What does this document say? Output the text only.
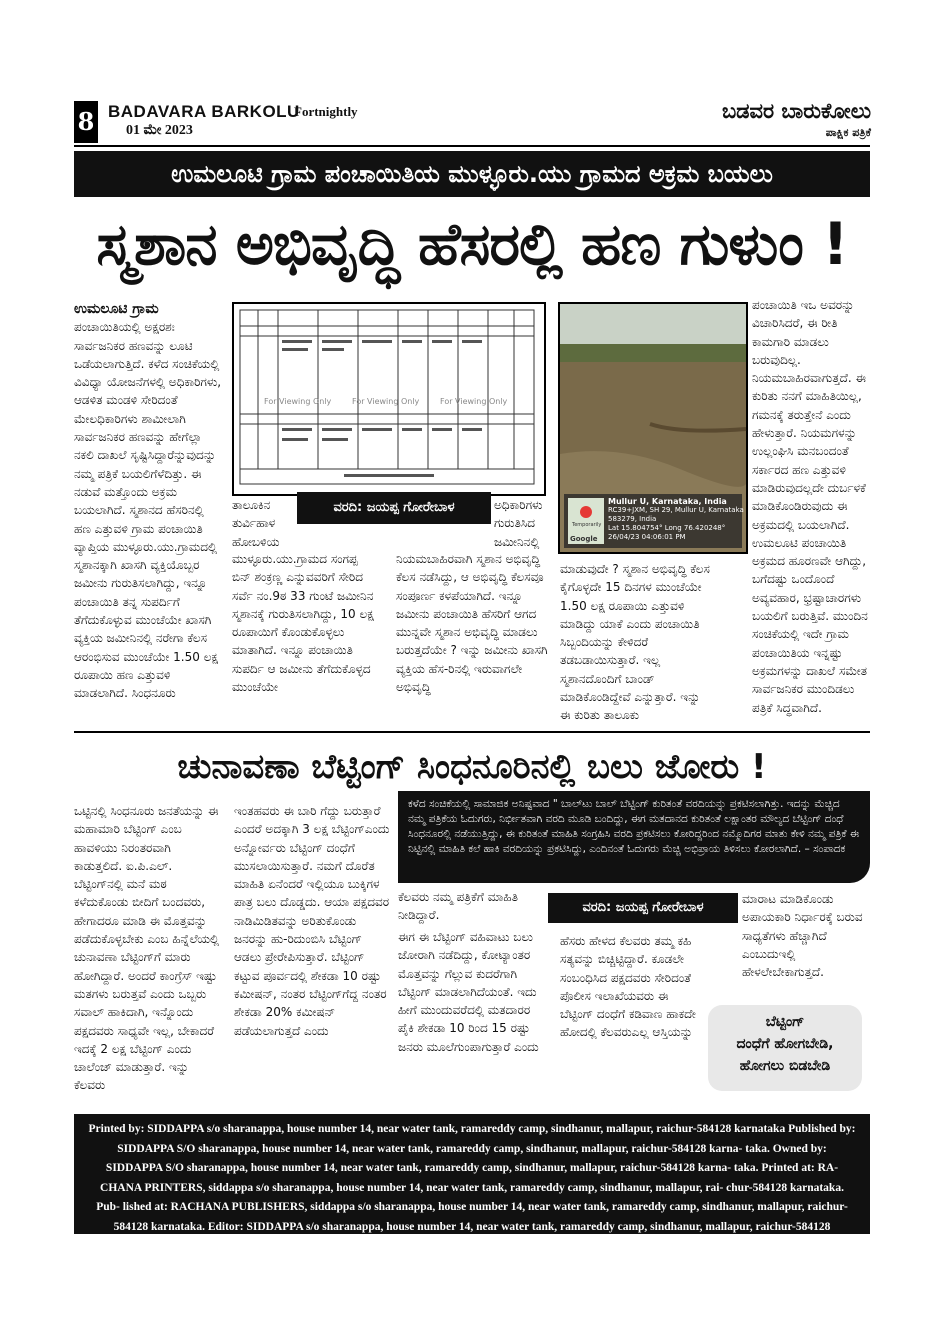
8 BADAVARA BARKOLU
Fortnightly
01 ಮೇ 2023
ಬಡವರ ಬಾರುಕೋಲು
ಪಾಕ್ಷಿಕ ಪತ್ರಿಕೆ
ಉಮಲೂಟಿ ಗ್ರಾಮ ಪಂಚಾಯಿತಿಯ ಮುಳ್ಳೂರು.ಯು ಗ್ರಾಮದ ಅಕ್ರಮ ಬಯಲು
ಸ್ಮಶಾನ ಅಭಿವೃದ್ಧಿ ಹೆಸರಲ್ಲಿ ಹಣ ಗುಳುಂ !
ಉಮಲೂಟಿ ಗ್ರಾಮ
ಪಂಚಾಯಿತಿಯಲ್ಲಿ ಅಕ್ಷರಶಃ ಸಾರ್ವಜನಿಕರ ಹಣವನ್ನು ಲೂಟಿ ಒಡೆಯಲಾಗುತ್ತಿದೆ. ಕಳೆದ ಸಂಚಿಕೆಯಲ್ಲಿ ವಿವಿಧ್ಯಾ ಯೋಜನೆಗಳಲ್ಲಿ ಅಧಿಕಾರಿಗಳು, ಆಡಳಿತ ಮಂಡಳಿ ಸೇರಿದಂತೆ ಮೇಲಧಿಕಾರಿಗಳು ಶಾಮೀಲಾಗಿ ಸಾರ್ವಜನಿಕರ ಹಣವನ್ನು ಹೇಗೆಲ್ಲಾ ನಕಲಿ ದಾಖಲೆ ಸೃಷ್ಟಿಸಿದ್ದಾರೆನ್ನುವುದನ್ನು ನಮ್ಮ ಪತ್ರಿಕೆ ಬಯಲಿಗೆಳೆದಿತ್ತು. ಈ ನಡುವೆ ಮತ್ತೊಂದು ಅಕ್ರಮ ಬಯಲಾಗಿದೆ. ಸ್ಮಶಾನದ ಹೆಸರಿನಲ್ಲಿ ಹಣ ಎತ್ತುವಳಿ ಗ್ರಾಮ ಪಂಚಾಯಿತಿ ವ್ಯಾಪ್ತಿಯ ಮುಳ್ಳೂರು.ಯು.ಗ್ರಾಮದಲ್ಲಿ ಸ್ಮಶಾನಕ್ಕಾಗಿ ಖಾಸಗಿ ವ್ಯಕ್ತಿಯೊಬ್ಬರ ಜಮೀನು ಗುರುತಿಸಲಾಗಿದ್ದು, ಇನ್ನೂ ಪಂಚಾಯಿತಿ ತನ್ನ ಸುಪರ್ದಿಗೆ ತೆಗೆದುಕೊಳ್ಳುವ ಮುಂಚೆಯೇ ಖಾಸಗಿ ವ್ಯಕ್ತಿಯ ಜಮೀನಿನಲ್ಲಿ ನರೇಗಾ ಕೆಲಸ ಆರಂಭಿಸುವ ಮುಂಚೆಯೇ 1.50 ಲಕ್ಷ ರೂಪಾಯಿ ಹಣ ಎತ್ತುವಳಿ ಮಾಡಲಾಗಿದೆ. ಸಿಂಧನೂರು
For Viewing Only	For Viewing Only	For Viewing Only
Mullur U, Karnataka, India
RC39+JXM, SH 29, Mullur U, Karnataka 583279, India
Lat 15.804754° Long 76.420248°
26/04/23 04:06:01 PM
Google
Temporarily
ತಾಲೂಕಿನ ತುರ್ವಿಹಾಳ ಹೋಬಳಿಯ
ವರದಿ: ಜಯಪ್ಪ ಗೋರೇಬಾಳ	ಅಧಿಕಾರಿಗಳು ಗುರುತಿಸಿದ ಜಮೀನಿನಲ್ಲಿ
ಮುಳ್ಳೂರು.ಯು.ಗ್ರಾಮದ ಸಂಗಪ್ಪ ಬಿನ್ ಶಂಕ್ರಣ್ಣ ಎನ್ನುವವರಿಗೆ ಸೇರಿದ ಸರ್ವೆ ನಂ.9ಠ 33 ಗುಂಟೆ ಜಮೀನಿನ ಸ್ಮಶಾನಕ್ಕೆ ಗುರುತಿಸಲಾಗಿದ್ದು, 10 ಲಕ್ಷ ರೂಪಾಯಿಗೆ ಕೊಂಡುಕೊಳ್ಳಲು ಮಾತಾಗಿದೆ. ಇನ್ನೂ ಪಂಚಾಯಿತಿ ಸುಪರ್ದಿ ಆ ಜಮೀನು ತೆಗೆದುಕೊಳ್ಳದ ಮುಂಚೆಯೇ
ನಿಯಮಬಾಹಿರವಾಗಿ ಸ್ಮಶಾನ ಅಭಿವೃದ್ಧಿ ಕೆಲಸ ನಡೆಸಿದ್ದು, ಆ ಅಭಿವೃದ್ಧಿ ಕೆಲಸವೂ ಸಂಪೂರ್ಣ ಕಳಪೆಯಾಗಿದೆ. ಇನ್ನೂ ಜಮೀನು ಪಂಚಾಯಿತಿ ಹೆಸರಿಗೆ ಆಗದ ಮುನ್ನವೇ ಸ್ಮಶಾನ ಅಭಿವೃದ್ಧಿ ಮಾಡಲು ಬರುತ್ತದೆಯೇ ? ಇನ್ನು ಜಮೀನು ಖಾಸಗಿ ವ್ಯಕ್ತಿಯ ಹೆಸ-ರಿನಲ್ಲಿ ಇರುವಾಗಲೇ ಅಭಿವೃದ್ಧಿ
ಮಾಡುವುದೇ ? ಸ್ಮಶಾನ ಅಭಿವೃದ್ಧಿ ಕೆಲಸ ಕೈಗೊಳ್ಳದೇ 15 ದಿನಗಳ ಮುಂಚೆಯೇ 1.50 ಲಕ್ಷ ರೂಪಾಯಿ ಎತ್ತುವಳಿ ಮಾಡಿದ್ದು ಯಾಕೆ ಎಂದು ಪಂಚಾಯಿತಿ ಸಿಬ್ಬಂದಿಯನ್ನು ಕೇಳಿದರೆ ತಡಬಡಾಯಿಸುತ್ತಾರೆ. ಇಲ್ಲ ಸ್ಮಶಾನದೊಂದಿಗೆ ಬಾಂಡ್ ಮಾಡಿಕೊಂಡಿದ್ದೇವೆ ಎನ್ನುತ್ತಾರೆ. ಇನ್ನು ಈ ಕುರಿತು ತಾಲೂಕು
ಪಂಚಾಯಿತಿ ಇಒ ಅವರನ್ನು ವಿಚಾರಿಸಿದರೆ, ಈ ರೀತಿ ಕಾಮಗಾರಿ ಮಾಡಲು ಬರುವುದಿಲ್ಲ. ನಿಯಮಬಾಹಿರವಾಗುತ್ತದೆ. ಈ ಕುರಿತು ನನಗೆ ಮಾಹಿತಿಯಿಲ್ಲ, ಗಮನಕ್ಕೆ ತರುತ್ತೇನೆ ಎಂದು ಹೇಳುತ್ತಾರೆ. ನಿಯಮಗಳನ್ನು ಉಲ್ಲಂಘಿಸಿ ಮನಬಂದಂತೆ ಸರ್ಕಾರದ ಹಣ ಎತ್ತುವಳಿ ಮಾಡಿರುವುದಲ್ಲದೇ ದುರ್ಬಳಕೆ ಮಾಡಿಕೊಂಡಿರುವುದು ಈ ಅಕ್ರಮದಲ್ಲಿ ಬಯಲಾಗಿದೆ. ಉಮಲೂಟಿ ಪಂಚಾಯಿತಿ ಅಕ್ರಮದ ಹೂರಣವೇ ಆಗಿದ್ದು, ಬಗೆದಷ್ಟು ಒಂದೊಂದೆ ಅವ್ಯವಹಾರ, ಭ್ರಷ್ಟಾಚಾರಗಳು ಬಯಲಿಗೆ ಬರುತ್ತಿವೆ. ಮುಂದಿನ ಸಂಚಿಕೆಯಲ್ಲಿ ಇದೇ ಗ್ರಾಮ ಪಂಚಾಯಿತಿಯ ಇನ್ನಷ್ಟು ಅಕ್ರಮಗಳನ್ನು ದಾಖಲೆ ಸಮೇತ ಸಾರ್ವಜನಿಕರ ಮುಂದಿಡಲು ಪತ್ರಿಕೆ ಸಿದ್ಧವಾಗಿದೆ.
ಚುನಾವಣಾ ಬೆಟ್ಟಿಂಗ್ ಸಿಂಧನೂರಿನಲ್ಲಿ ಬಲು ಜೋರು !
ಕಳೆದ ಸಂಚಿಕೆಯಲ್ಲಿ ಸಾಮಾಜಿಕ ಅನಿಷ್ಟವಾದ " ಬಾಲ್‌ಟು ಬಾಲ್ ಬೆಟ್ಟಿಂಗ್ ಕುರಿತಂತೆ ವರದಿಯನ್ನು ಪ್ರಕಟಿಸಲಾಗಿತ್ತು. ಇದನ್ನು ಮೆಚ್ಚಿದ ನಮ್ಮ ಪತ್ರಿಕೆಯ ಓದುಗರು, ನಿರ್ಭೀತವಾಗಿ ವರದಿ ಮೂಡಿ ಬಂದಿದ್ದು, ಈಗ ಮತದಾನದ ಕುರಿತಂತೆ ಲಕ್ಷಾಂತರ ಮೌಲ್ಯದ ಬೆಟ್ಟಿಂಗ್ ದಂಧೆ ಸಿಂಧನೂರಲ್ಲಿ ನಡೆಯುತ್ತಿದ್ದು, ಈ ಕುರಿತಂತೆ ಮಾಹಿತಿ ಸಂಗ್ರಹಿಸಿ ವರದಿ ಪ್ರಕಟಿಸಲು ಕೋರಿದ್ದರಿಂದ ನಮ್ಮೊದಿಗರ ಮಾತು ಕೇಳಿ ನಮ್ಮ ಪತ್ರಿಕೆ ಈ ನಿಟ್ಟಿನಲ್ಲಿ ಮಾಹಿತಿ ಕಲೆ ಹಾಕಿ ವರದಿಯನ್ನು ಪ್ರಕಟಿಸಿದ್ದು, ಎಂದಿನಂತೆ ಓದುಗರು ಮೆಚ್ಚಿ ಅಭಿಪ್ರಾಯ ತಿಳಿಸಲು ಕೋರಲಾಗಿದೆ. – ಸಂಪಾದಕ
ಒಟ್ಟಿನಲ್ಲಿ ಸಿಂಧನೂರು ಜನತೆಯನ್ನು ಈ ಮಹಾಮಾರಿ ಬೆಟ್ಟಿಂಗ್ ಎಂಬ ಹಾವಳಿಯು ನಿರಂತರವಾಗಿ ಕಾಡುತ್ತಲಿದೆ. ಐ.ಪಿ.ಎಲ್. ಬೆಟ್ಟಿಂಗ್‌ನಲ್ಲಿ ಮನೆ ಮಠ ಕಳೆದುಕೊಂಡು ಬೀದಿಗೆ ಬಂದವರು, ಹೇಗಾದರೂ ಮಾಡಿ ಈ ಮೊತ್ತವನ್ನು ಪಡೆದುಕೊಳ್ಳಬೇಕು ಎಂಬ ಹಿನ್ನೆಲೆಯಲ್ಲಿ ಚುನಾವಣಾ ಬೆಟ್ಟಿಂಗ್‌ಗೆ ಮಾರು ಹೋಗಿದ್ದಾರೆ. ಅಂದರೆ ಕಾಂಗ್ರೆಸ್ ಇಷ್ಟು ಮತಗಳು ಬರುತ್ತವೆ ಎಂದು ಒಬ್ಬರು ಸವಾಲ್ ಹಾಕಿದಾಗಿ, ಇನ್ನೊಂದು ಪಕ್ಷದವರು ಸಾಧ್ಯವೇ ಇಲ್ಲ, ಬೇಕಾದರೆ ಇದಕ್ಕೆ 2 ಲಕ್ಷ ಬೆಟ್ಟಿಂಗ್ ಎಂದು ಚಾಲೆಂಜ್ ಮಾಡುತ್ತಾರೆ. ಇನ್ನು ಕೆಲವರು
ಇಂತಹವರು ಈ ಬಾರಿ ಗೆದ್ದು ಬರುತ್ತಾರೆ ಎಂದರೆ ಅದಕ್ಕಾಗಿ 3 ಲಕ್ಷ ಬೆಟ್ಟಿಂಗ್‌ಎಂದು ಅನ್ನೋರ್ವರು ಬೆಟ್ಟಿಂಗ್ ದಂಧೆಗೆ ಮುಸಲಾಯಿಸುತ್ತಾರೆ. ನಮಗೆ ದೊರೆತ ಮಾಹಿತಿ ಏನೆಂದರೆ ಇಲ್ಲಿಯೂ ಬುಕ್ಕಿಗಳ ಪಾತ್ರ ಬಲು ದೊಡ್ಡದು. ಆಯಾ ಪಕ್ಷದವರ ನಾಡಿಮಿಡಿತವನ್ನು ಅರಿತುಕೊಂಡು ಜನರನ್ನು ಹು-ರಿದುಂಬಿಸಿ ಬೆಟ್ಟಿಂಗ್ ಆಡಲು ಪ್ರೇರೇಪಿಸುತ್ತಾರೆ. ಬೆಟ್ಟಿಂಗ್ ಕಟ್ಟುವ ಪೂರ್ವದಲ್ಲಿ ಶೇಕಡಾ 10 ರಷ್ಟು ಕಮೀಷನ್, ನಂತರ ಬೆಟ್ಟಿಂಗ್‌ಗೆದ್ದ ನಂತರ ಶೇಕಡಾ 20% ಕಮೀಷನ್ ಪಡೆಯಲಾಗುತ್ತದೆ ಎಂದು
ಕೆಲವರು ನಮ್ಮ ಪತ್ರಿಕೆಗೆ ಮಾಹಿತಿ ನೀಡಿದ್ದಾರೆ.
ವರದಿ: ಜಯಪ್ಪ ಗೋರೇಬಾಳ
ಮಾರಾಟ ಮಾಡಿಕೊಂಡು ಅಪಾಯಕಾರಿ ನಿರ್ಧಾರಕ್ಕೆ ಬರುವ ಸಾಧ್ಯತೆಗಳು ಹೆಚ್ಚಾಗಿದೆ ಎಂಬುದುಇಲ್ಲಿ ಹೇಳಲೇಬೇಕಾಗುತ್ತದೆ.
ಈಗ ಈ ಬೆಟ್ಟಿಂಗ್ ವಹಿವಾಟು ಬಲು ಜೋರಾಗಿ ನಡೆದಿದ್ದು, ಕೋಟ್ಯಾಂತರ ಮೊತ್ತವನ್ನು ಗೆಲ್ಲುವ ಕುದರೆಗಾಗಿ ಬೆಟ್ಟಿಂಗ್ ಮಾಡಲಾಗಿದೆಯಂತೆ. ಇದು ಹೀಗೆ ಮುಂದುವರೆದಲ್ಲಿ ಮತದಾರರ ಪೈಕಿ ಶೇಕಡಾ 10 ರಿಂದ 15 ರಷ್ಟು ಜನರು ಮೂಲೆಗುಂಪಾಗುತ್ತಾರೆ ಎಂದು
ಹೆಸರು ಹೇಳದ ಕೆಲವರು ತಮ್ಮ ಕಹಿ ಸತ್ಯವನ್ನು ಬಿಚ್ಚಿಟ್ಟಿದ್ದಾರೆ. ಕೂಡಲೇ ಸಂಬಂಧಿಸಿದ ಪಕ್ಷದವರು ಸೇರಿದಂತೆ ಪೊಲೀಸ ಇಲಾಖೆಯವರು ಈ ಬೆಟ್ಟಿಂಗ್ ದಂಧೆಗೆ ಕಡಿವಾಣ ಹಾಕದೇ ಹೋದಲ್ಲಿ ಕೆಲವರುಎಲ್ಲ ಆಸ್ತಿಯನ್ನು
ಬೆಟ್ಟಿಂಗ್
ದಂಧೆಗೆ ಹೋಗಬೇಡಿ,
ಹೋಗಲು ಬಿಡಬೇಡಿ
Printed by: SIDDAPPA s/o sharanappa, house number 14, near water tank, ramareddy camp, sindhanur, mallapur, raichur-584128 karnataka Published by: SIDDAPPA S/O sharanappa, house number 14, near water tank, ramareddy camp, sindhanur, mallapur, raichur-584128 karna- taka. Owned by: SIDDAPPA S/O sharanappa, house number 14, near water tank, ramareddy camp, sindhanur, mallapur, raichur-584128 karna- taka. Printed at: RA- CHANA PRINTERS, siddappa s/o sharanappa, house number 14, near water tank, ramareddy camp, sindhanur, mallapur, rai- chur-584128 karnataka. Pub- lished at: RACHANA PUBLISHERS, siddappa s/o sharanappa, house number 14, near water tank, ramareddy camp, sindhanur, mallapur, raichur-584128 karnataka. Editor: SIDDAPPA s/o sharanappa, house number 14, near water tank, ramareddy camp, sindhanur, mallapur, raichur-584128 karnataka
